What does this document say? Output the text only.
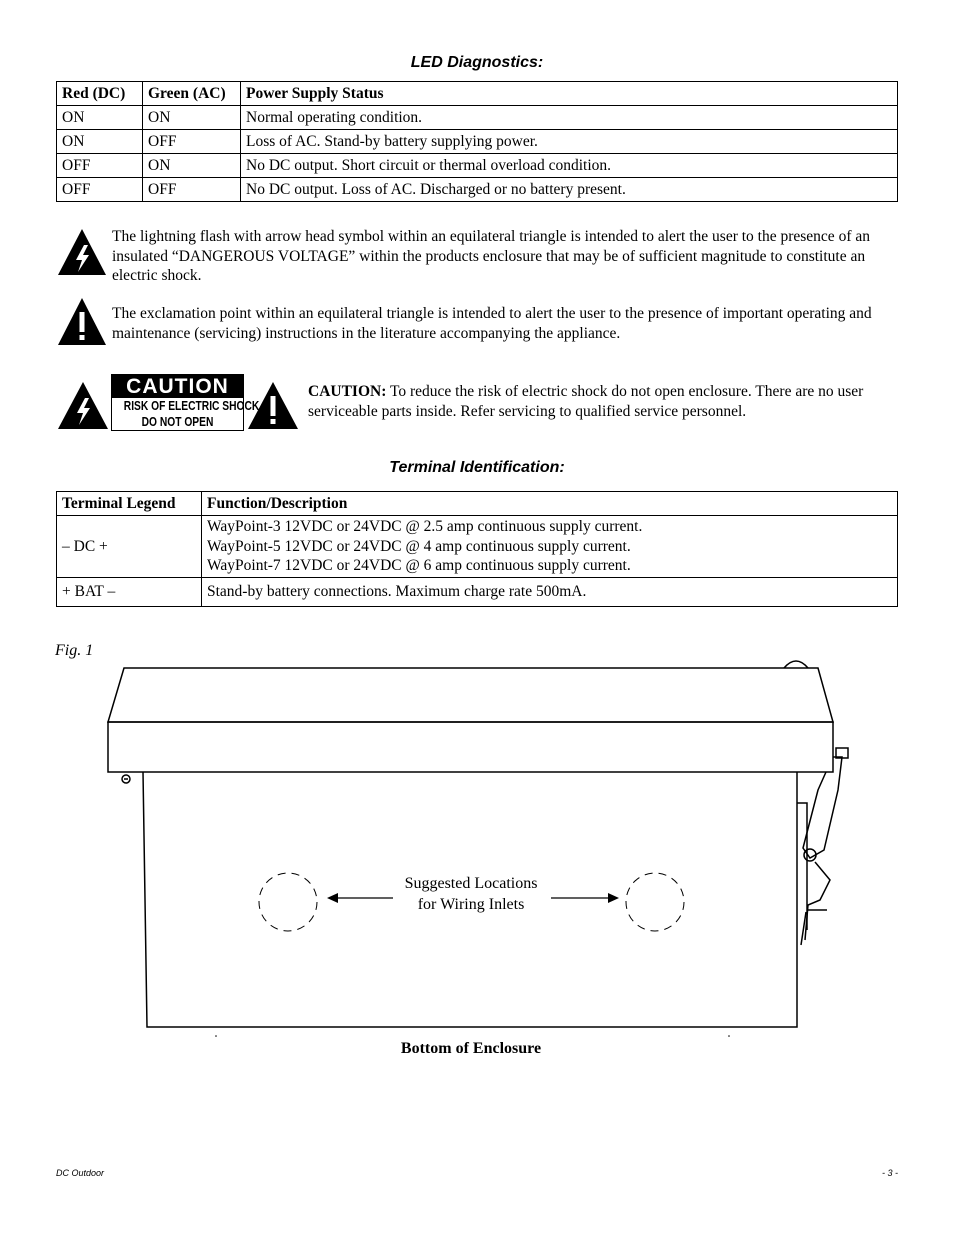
LED Diagnostics:
Red (DC)	Green (AC)	Power Supply Status
ON	ON	Normal operating condition.
ON	OFF	Loss of AC. Stand-by battery supplying power.
OFF	ON	No DC output. Short circuit or thermal overload condition.
OFF	OFF	No DC output. Loss of AC. Discharged or no battery present.
The lightning flash with arrow head symbol within an equilateral triangle is intended to alert the user to the presence of an insulated “DANGEROUS VOLTAGE” within the products enclosure that may be of sufficient magnitude to constitute an electric shock.
The exclamation point within an equilateral triangle is intended to alert the user to the presence of important operating and maintenance (servicing) instructions in the literature accompanying the appliance.
CAUTION
RISK OF ELECTRIC SHOCK
DO NOT OPEN
CAUTION: To reduce the risk of electric shock do not open enclosure. There are no user serviceable parts inside. Refer servicing to qualified service personnel.
Terminal Identification:
Terminal Legend	Function/Description
– DC +	WayPoint-3 12VDC or 24VDC @ 2.5 amp continuous supply current.
WayPoint-5 12VDC or 24VDC @ 4 amp continuous supply current.
WayPoint-7 12VDC or 24VDC @ 6 amp continuous supply current.

+ BAT –	Stand-by battery connections. Maximum charge rate 500mA.
Fig. 1
Suggested Locations
for Wiring Inlets
Bottom of Enclosure
DC Outdoor	- 3 -
